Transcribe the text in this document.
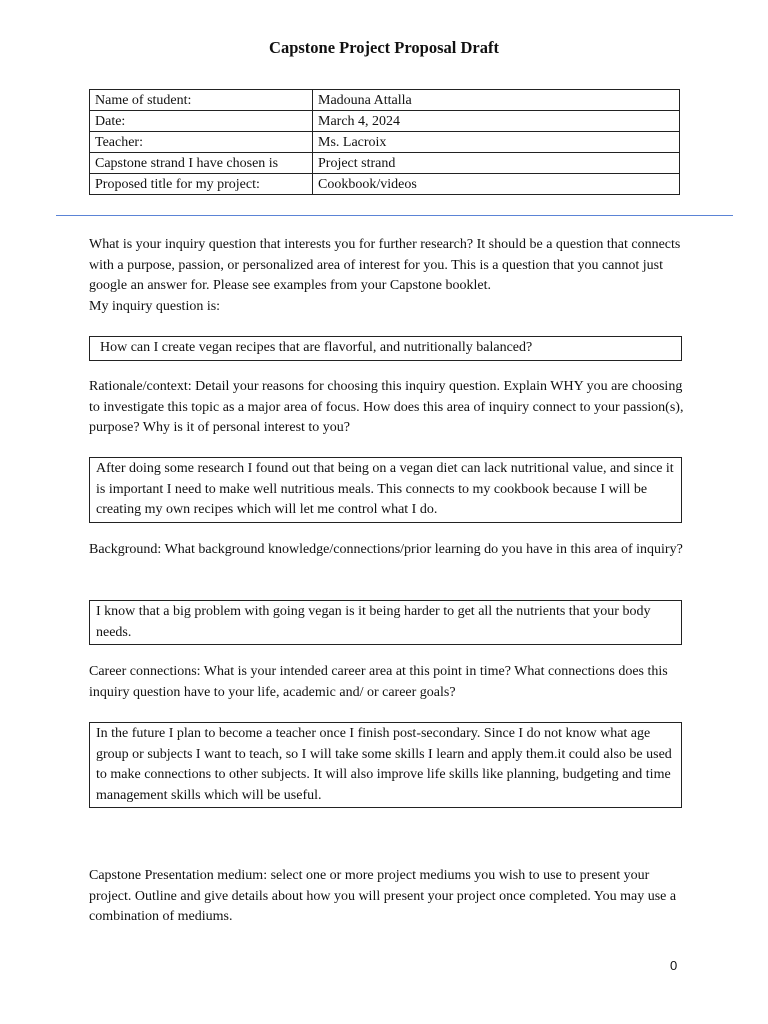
Capstone Project Proposal Draft
Name of student:	Madouna Attalla
Date:	March 4, 2024
Teacher:	Ms. Lacroix
Capstone strand I have chosen is	Project strand
Proposed title for my project:	Cookbook/videos
What is your inquiry question that interests you for further research? It should be a question that connects with a purpose, passion, or personalized area of interest for you. This is a question that you cannot just google an answer for. Please see examples from your Capstone booklet.
My inquiry question is:
How can I create vegan recipes that are flavorful, and nutritionally balanced?
Rationale/context: Detail your reasons for choosing this inquiry question. Explain WHY you are choosing to investigate this topic as a major area of focus. How does this area of inquiry connect to your passion(s), purpose? Why is it of personal interest to you?
After doing some research I found out that being on a vegan diet can lack nutritional value, and since it is important I need to make well nutritious meals. This connects to my cookbook because I will be creating my own recipes which will let me control what I do.
Background: What background knowledge/connections/prior learning do you have in this area of inquiry?
I know that a big problem with going vegan is it being harder to get all the nutrients that your body needs.
Career connections: What is your intended career area at this point in time? What connections does this inquiry question have to your life, academic and/ or career goals?
In the future I plan to become a teacher once I finish post-secondary. Since I do not know what age group or subjects I want to teach, so I will take some skills I learn and apply them.it could also be used to make connections to other subjects. It will also improve life skills like planning, budgeting and time management skills which will be useful.
Capstone Presentation medium: select one or more project mediums you wish to use to present your project. Outline and give details about how you will present your project once completed. You may use a combination of mediums.
0
